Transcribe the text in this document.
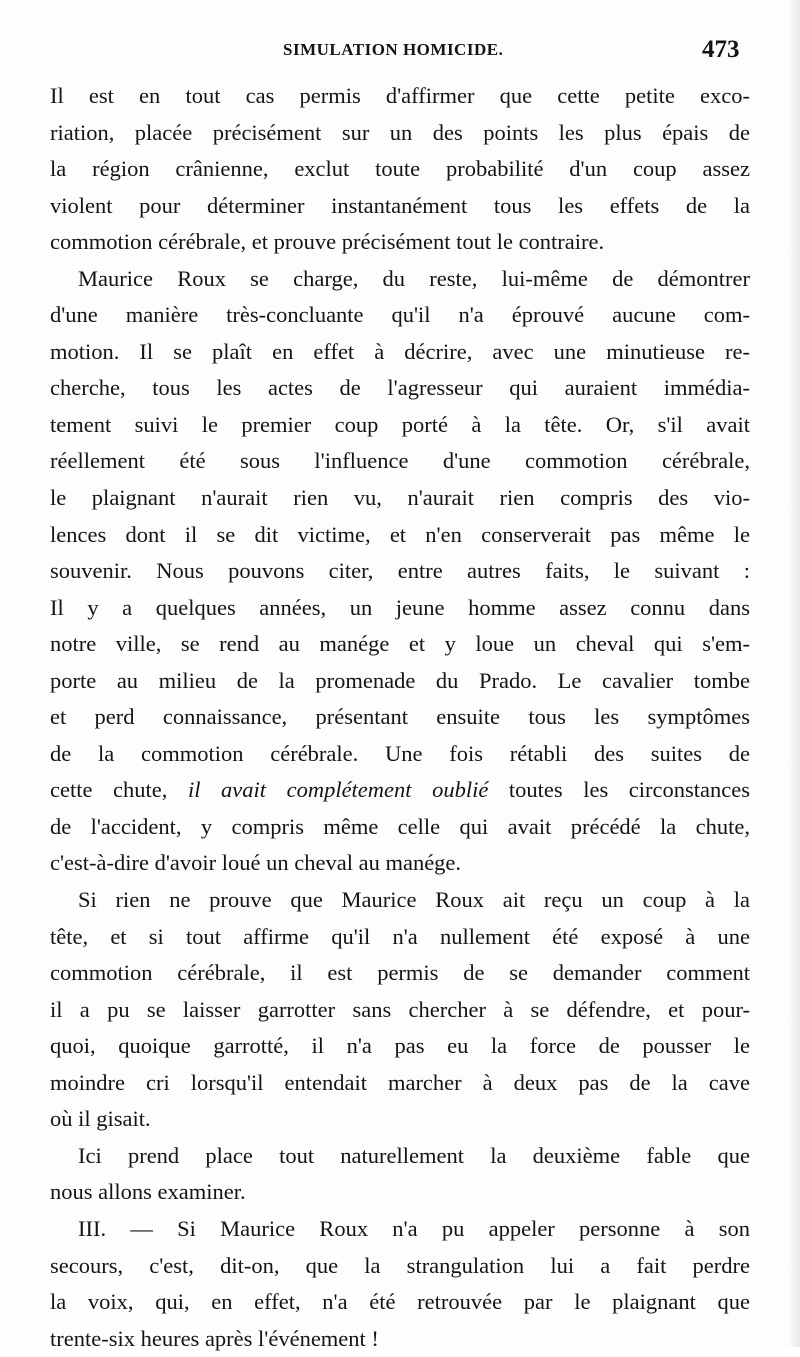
SIMULATION HOMICIDE.	473
Il est en tout cas permis d'affirmer que cette petite exco-
riation, placée précisément sur un des points les plus épais de
la région crânienne, exclut toute probabilité d'un coup assez
violent pour déterminer instantanément tous les effets de la
commotion cérébrale, et prouve précisément tout le contraire.
Maurice Roux se charge, du reste, lui-même de démontrer
d'une manière très-concluante qu'il n'a éprouvé aucune com-
motion. Il se plaît en effet à décrire, avec une minutieuse re-
cherche, tous les actes de l'agresseur qui auraient immédia-
tement suivi le premier coup porté à la tête. Or, s'il avait
réellement été sous l'influence d'une commotion cérébrale,
le plaignant n'aurait rien vu, n'aurait rien compris des vio-
lences dont il se dit victime, et n'en conserverait pas même le
souvenir. Nous pouvons citer, entre autres faits, le suivant :
Il y a quelques années, un jeune homme assez connu dans
notre ville, se rend au manége et y loue un cheval qui s'em-
porte au milieu de la promenade du Prado. Le cavalier tombe
et perd connaissance, présentant ensuite tous les symptômes
de la commotion cérébrale. Une fois rétabli des suites de
cette chute, il avait complétement oublié toutes les circonstances
de l'accident, y compris même celle qui avait précédé la chute,
c'est-à-dire d'avoir loué un cheval au manége.
Si rien ne prouve que Maurice Roux ait reçu un coup à la
tête, et si tout affirme qu'il n'a nullement été exposé à une
commotion cérébrale, il est permis de se demander comment
il a pu se laisser garrotter sans chercher à se défendre, et pour-
quoi, quoique garrotté, il n'a pas eu la force de pousser le
moindre cri lorsqu'il entendait marcher à deux pas de la cave
où il gisait.
Ici prend place tout naturellement la deuxième fable que
nous allons examiner.
III. — Si Maurice Roux n'a pu appeler personne à son
secours, c'est, dit-on, que la strangulation lui a fait perdre
la voix, qui, en effet, n'a été retrouvée par le plaignant que
trente-six heures après l'événement !
